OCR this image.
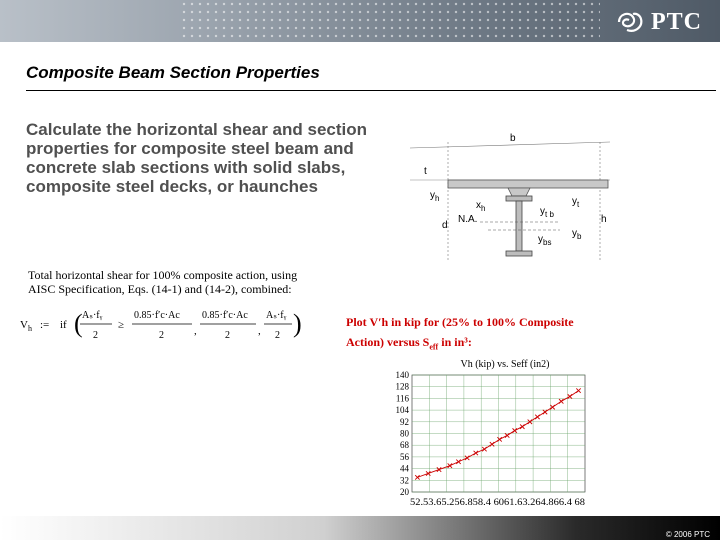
PTC
Composite Beam Section Properties

Calculate the horizontal shear and section properties for composite steel beam and concrete slab sections with solid slabs, composite steel decks, or haunches

b
t
$y_h$
d
N.A.
$x_h$	$y_{t b}$
$y_t$
h
$y_{bs}$
$y_b$
Total horizontal shear for 100% composite action, using AISC Specification, Eqs. (14-1) and (14-2), combined:
$V_h$ := if ( Aₛ·fᵧ
2
≥
0.85·f′c·Ac
2	,
0.85·f′c·Ac
2	,
Aₛ·fᵧ
2 )	Plot V′h in kip for (25% to 100% Composite
Action) versus $S_{eff}$ in in³:
Vh (kip) vs. Seff (in2)
20
32
44
56
68
80
92
104
116
128
140
52.53.65.256.858.4 6061.63.264.866.4 68
© 2006 PTC
